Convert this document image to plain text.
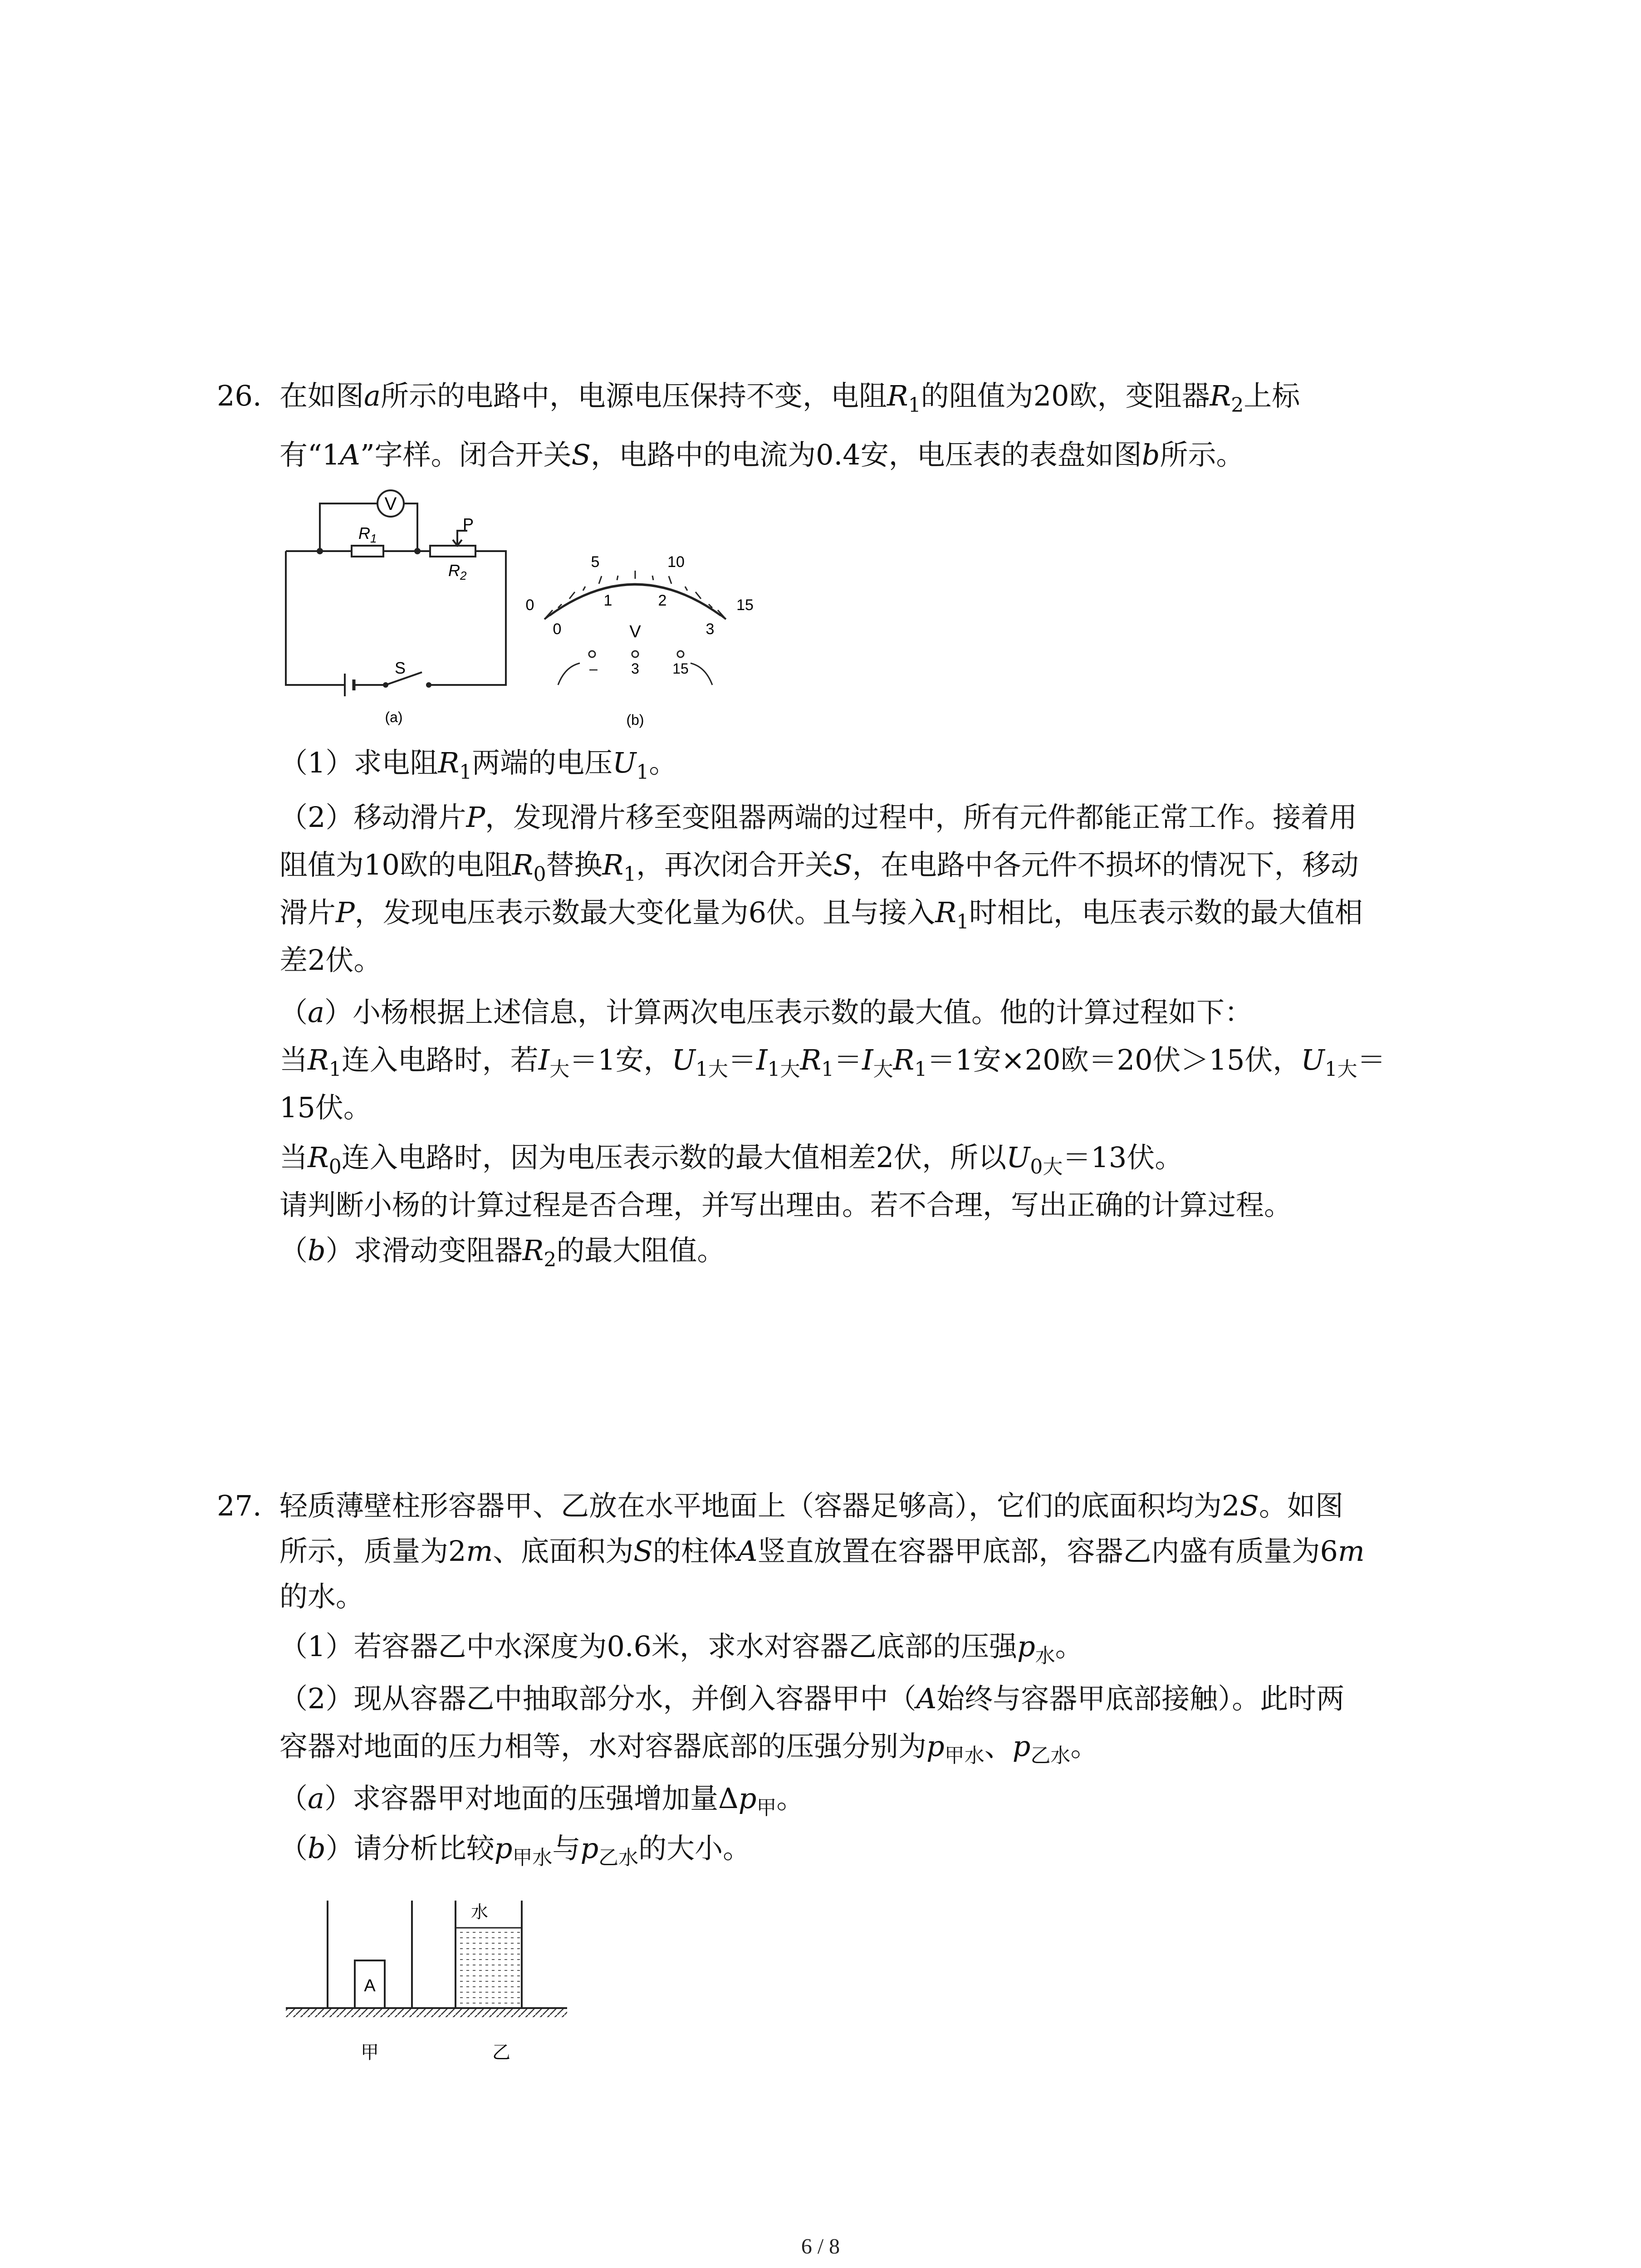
26. 在如图a所示的电路中，电源电压保持不变，电阻$R_1$的阻值为20欧，变阻器$R_2$上标
有“1A”字样。闭合开关S，电路中的电流为0.4安，电压表的表盘如图b所示。
V
$R_1$
P
$R_2$
S
(a)
0
5	10
15
0
1	2
3
V
– 3 15
(b)
（1）求电阻$R_1$两端的电压$U_1$。
（2）移动滑片P，发现滑片移至变阻器两端的过程中，所有元件都能正常工作。接着用
阻值为10欧的电阻$R_0$替换$R_1$，再次闭合开关S，在电路中各元件不损坏的情况下，移动
滑片P，发现电压表示数最大变化量为6伏。且与接入$R_1$时相比，电压表示数的最大值相
差2伏。
（a）小杨根据上述信息，计算两次电压表示数的最大值。他的计算过程如下：
当$R_1$连入电路时，若$I_大=1$安，$U_{1大}=I_{1大}R_1=I_大R_1=1$安×20欧＝20伏＞15伏，$U_{1大}=$
15伏。
当$R_0$连入电路时，因为电压表示数的最大值相差2伏，所以$U_{0大}=13$伏。
请判断小杨的计算过程是否合理，并写出理由。若不合理，写出正确的计算过程。
（b）求滑动变阻器$R_2$的最大阻值。
27. 轻质薄壁柱形容器甲、乙放在水平地面上（容器足够高），它们的底面积均为2S。如图
所示，质量为2m、底面积为S的柱体A竖直放置在容器甲底部，容器乙内盛有质量为6m
的水。
（1）若容器乙中水深度为0.6米，求水对容器乙底部的压强$p_水$。
（2）现从容器乙中抽取部分水，并倒入容器甲中（A始终与容器甲底部接触）。此时两
容器对地面的压力相等，水对容器底部的压强分别为$p_{甲水}$、$p_{乙水}$。
（a）求容器甲对地面的压强增加量$\Delta p_甲$。
（b）请分析比较$p_{甲水}$与$p_{乙水}$的大小。
A
水
甲	乙
6 / 8
